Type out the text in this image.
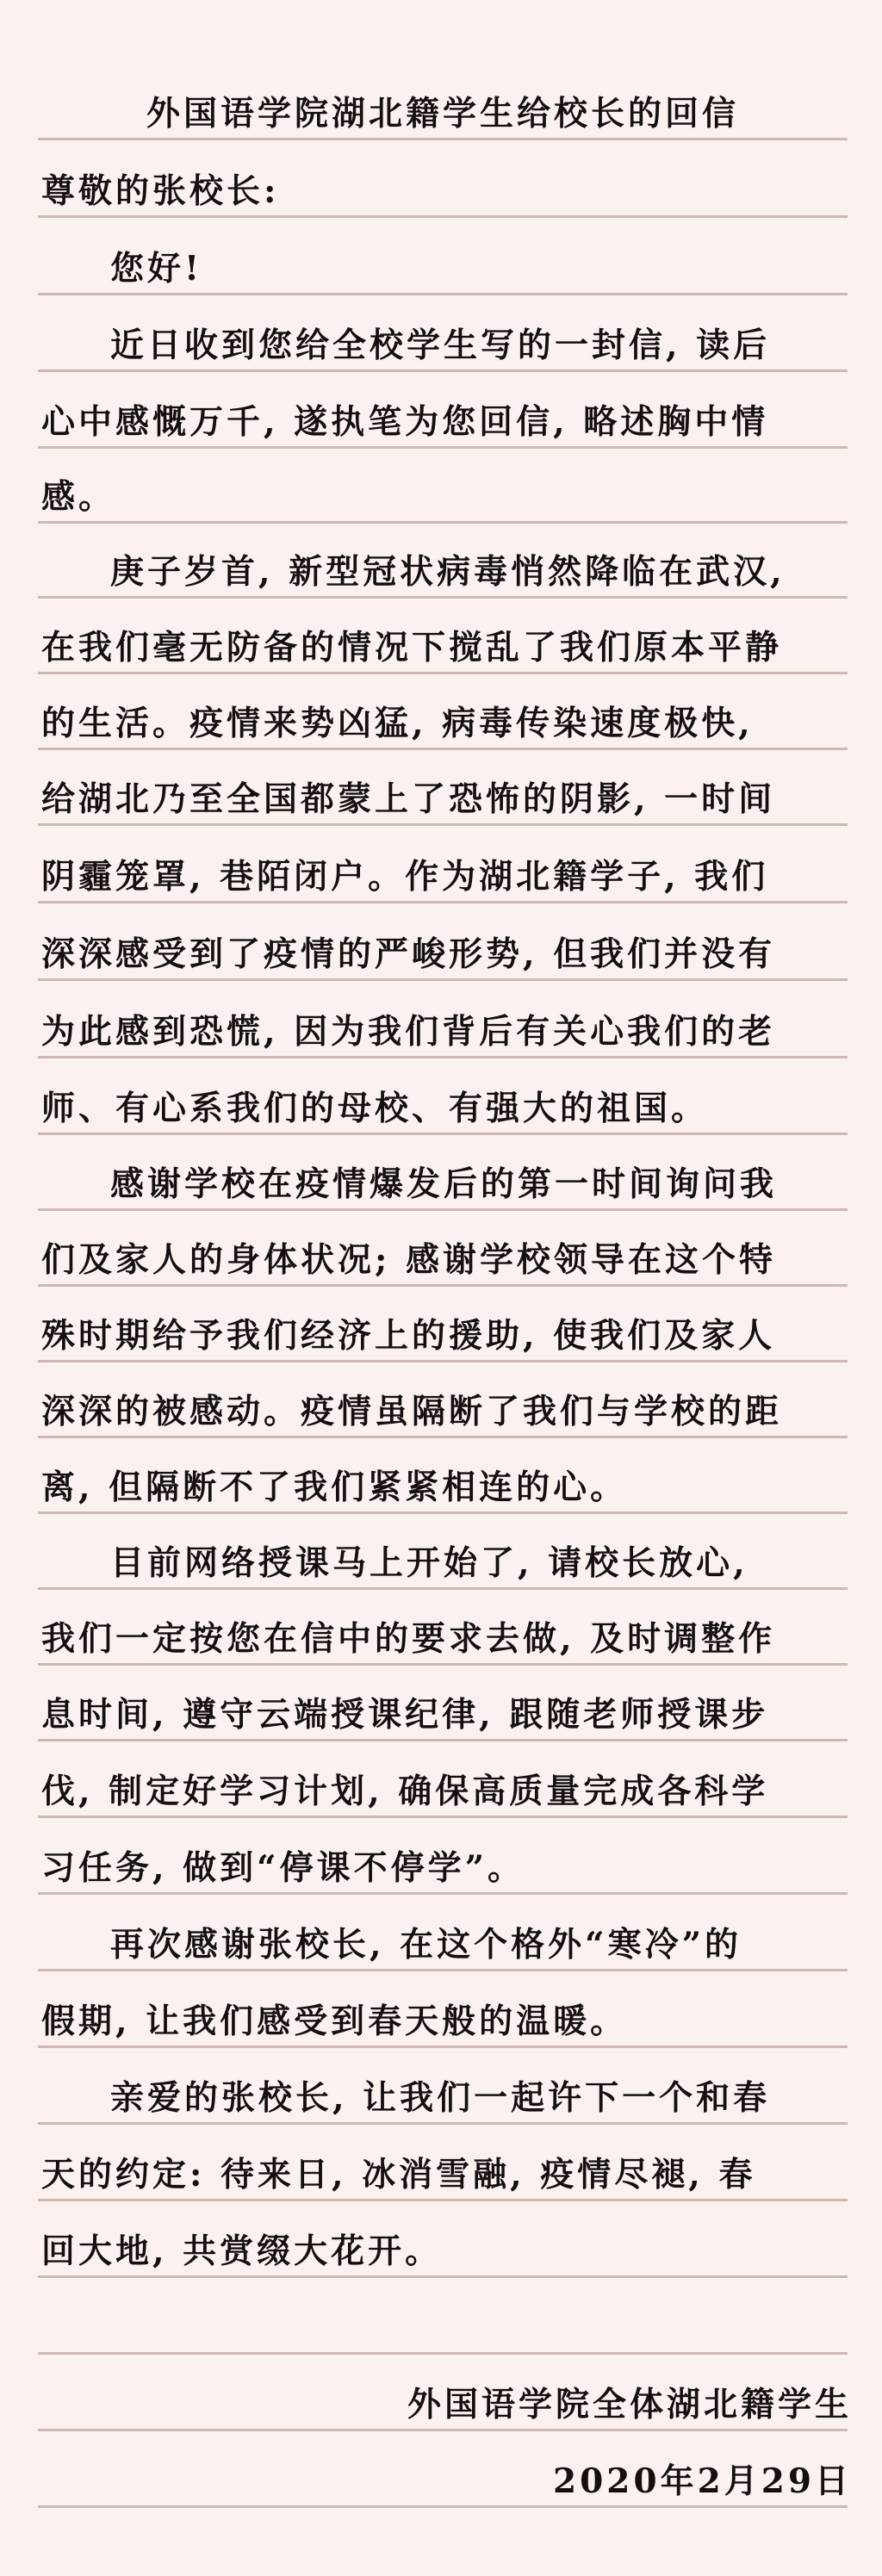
外国语学院湖北籍学生给校长的回信
尊敬的张校长:
您好!
近日收到您给全校学生写的一封信, 读后
心中感慨万千, 遂执笔为您回信, 略述胸中情
感。
庚子岁首, 新型冠状病毒悄然降临在武汉,
在我们毫无防备的情况下搅乱了我们原本平静
的生活。疫情来势凶猛, 病毒传染速度极快,
给湖北乃至全国都蒙上了恐怖的阴影, 一时间
阴霾笼罩, 巷陌闭户。作为湖北籍学子, 我们
深深感受到了疫情的严峻形势, 但我们并没有
为此感到恐慌, 因为我们背后有关心我们的老
师、有心系我们的母校、有强大的祖国。
感谢学校在疫情爆发后的第一时间询问我
们及家人的身体状况; 感谢学校领导在这个特
殊时期给予我们经济上的援助, 使我们及家人
深深的被感动。疫情虽隔断了我们与学校的距
离, 但隔断不了我们紧紧相连的心。
目前网络授课马上开始了, 请校长放心,
我们一定按您在信中的要求去做, 及时调整作
息时间, 遵守云端授课纪律, 跟随老师授课步
伐, 制定好学习计划, 确保高质量完成各科学
习任务, 做到“停课不停学”。
再次感谢张校长, 在这个格外“寒冷”的
假期, 让我们感受到春天般的温暖。
亲爱的张校长, 让我们一起许下一个和春
天的约定: 待来日, 冰消雪融, 疫情尽褪, 春
回大地, 共赏缀大花开。
外国语学院全体湖北籍学生
2020年2月29日
